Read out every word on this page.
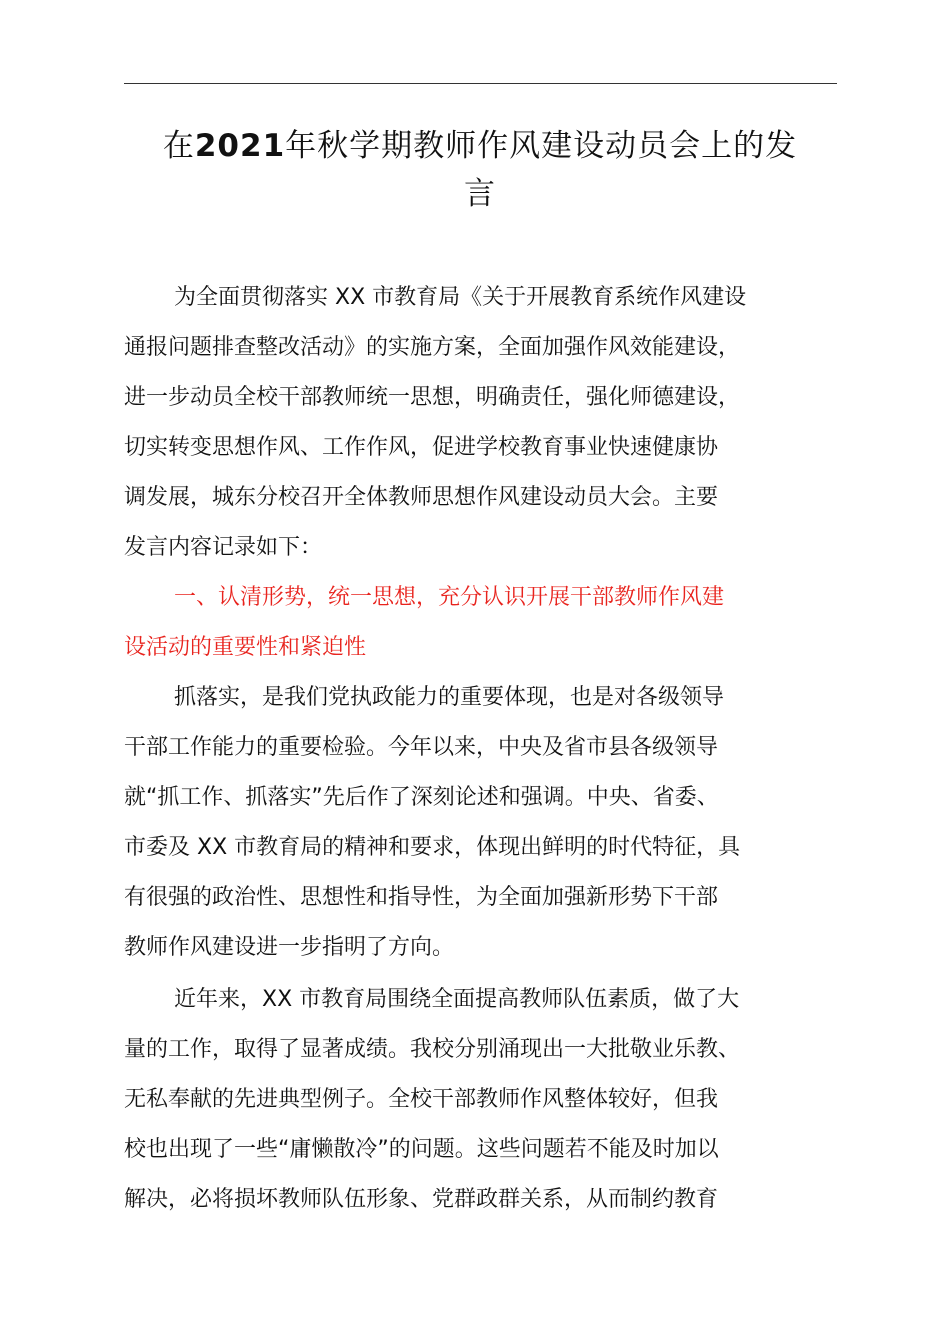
在2021年秋学期教师作风建设动员会上的发
言
为全面贯彻落实 XX 市教育局《关于开展教育系统作风建设
通报问题排查整改活动》的实施方案，全面加强作风效能建设，
进一步动员全校干部教师统一思想，明确责任，强化师德建设，
切实转变思想作风、工作作风，促进学校教育事业快速健康协
调发展，城东分校召开全体教师思想作风建设动员大会。主要
发言内容记录如下：
一、认清形势，统一思想，充分认识开展干部教师作风建
设活动的重要性和紧迫性
抓落实，是我们党执政能力的重要体现，也是对各级领导
干部工作能力的重要检验。今年以来，中央及省市县各级领导
就“抓工作、抓落实”先后作了深刻论述和强调。中央、省委、
市委及 XX 市教育局的精神和要求，体现出鲜明的时代特征，具
有很强的政治性、思想性和指导性，为全面加强新形势下干部
教师作风建设进一步指明了方向。
近年来，XX 市教育局围绕全面提高教师队伍素质，做了大
量的工作，取得了显著成绩。我校分别涌现出一大批敬业乐教、
无私奉献的先进典型例子。全校干部教师作风整体较好，但我
校也出现了一些“庸懒散冷”的问题。这些问题若不能及时加以
解决，必将损坏教师队伍形象、党群政群关系，从而制约教育
